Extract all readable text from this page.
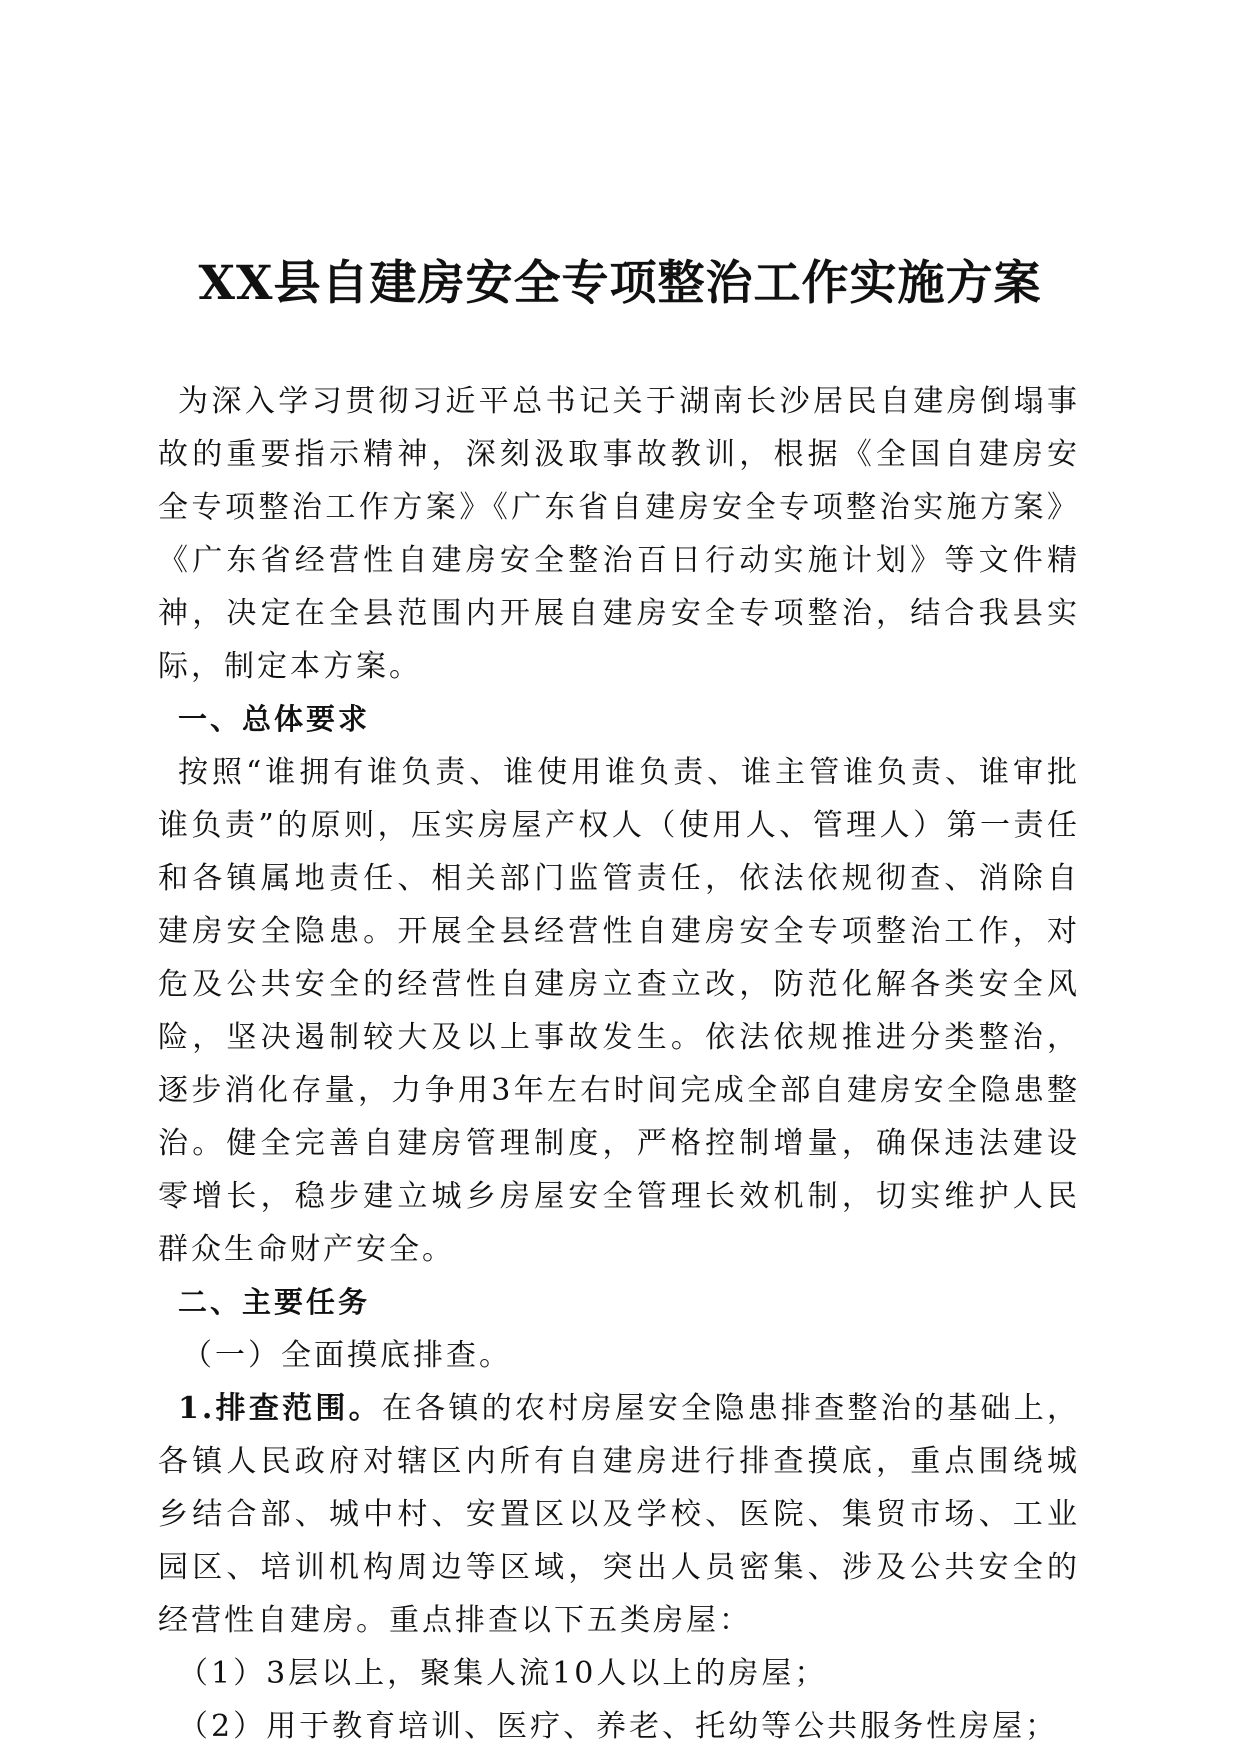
XX县自建房安全专项整治工作实施方案

为深入学习贯彻习近平总书记关于湖南长沙居民自建房倒塌事故的重要指示精神，深刻汲取事故教训，根据《全国自建房安全专项整治工作方案》《广东省自建房安全专项整治实施方案》《广东省经营性自建房安全整治百日行动实施计划》等文件精神，决定在全县范围内开展自建房安全专项整治，结合我县实际，制定本方案。

一、总体要求

按照“谁拥有谁负责、谁使用谁负责、谁主管谁负责、谁审批谁负责”的原则，压实房屋产权人（使用人、管理人）第一责任和各镇属地责任、相关部门监管责任，依法依规彻查、消除自建房安全隐患。开展全县经营性自建房安全专项整治工作，对危及公共安全的经营性自建房立查立改，防范化解各类安全风险，坚决遏制较大及以上事故发生。依法依规推进分类整治，逐步消化存量，力争用3年左右时间完成全部自建房安全隐患整治。健全完善自建房管理制度，严格控制增量，确保违法建设零增长，稳步建立城乡房屋安全管理长效机制，切实维护人民群众生命财产安全。

二、主要任务

（一）全面摸底排查。

1.排查范围。在各镇的农村房屋安全隐患排查整治的基础上，各镇人民政府对辖区内所有自建房进行排查摸底，重点围绕城乡结合部、城中村、安置区以及学校、医院、集贸市场、工业园区、培训机构周边等区域，突出人员密集、涉及公共安全的经营性自建房。重点排查以下五类房屋：

（1）3层以上，聚集人流10人以上的房屋；

（2）用于教育培训、医疗、养老、托幼等公共服务性房屋；
